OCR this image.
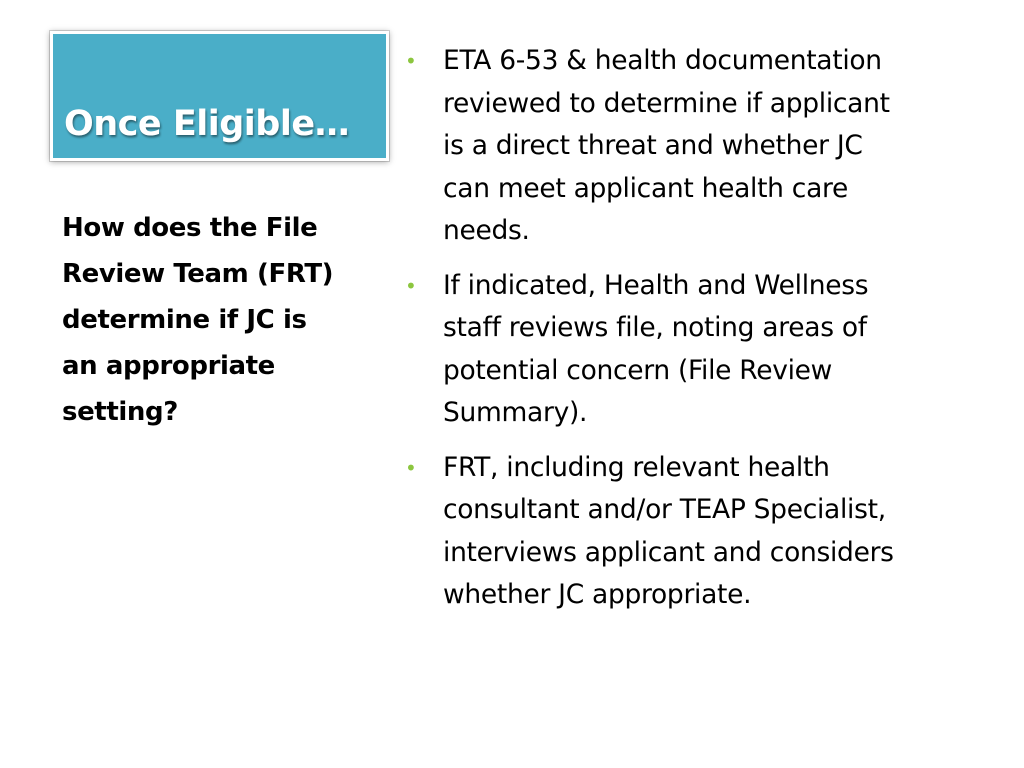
Once Eligible…
How does the File
Review Team (FRT)
determine if JC is
an appropriate
setting?
• ETA 6-53 & health documentation
reviewed to determine if applicant
is a direct threat and whether JC
can meet applicant health care
needs.
• If indicated, Health and Wellness
staff reviews file, noting areas of
potential concern (File Review
Summary).
• FRT, including relevant health
consultant and/or TEAP Specialist,
interviews applicant and considers
whether JC appropriate.
